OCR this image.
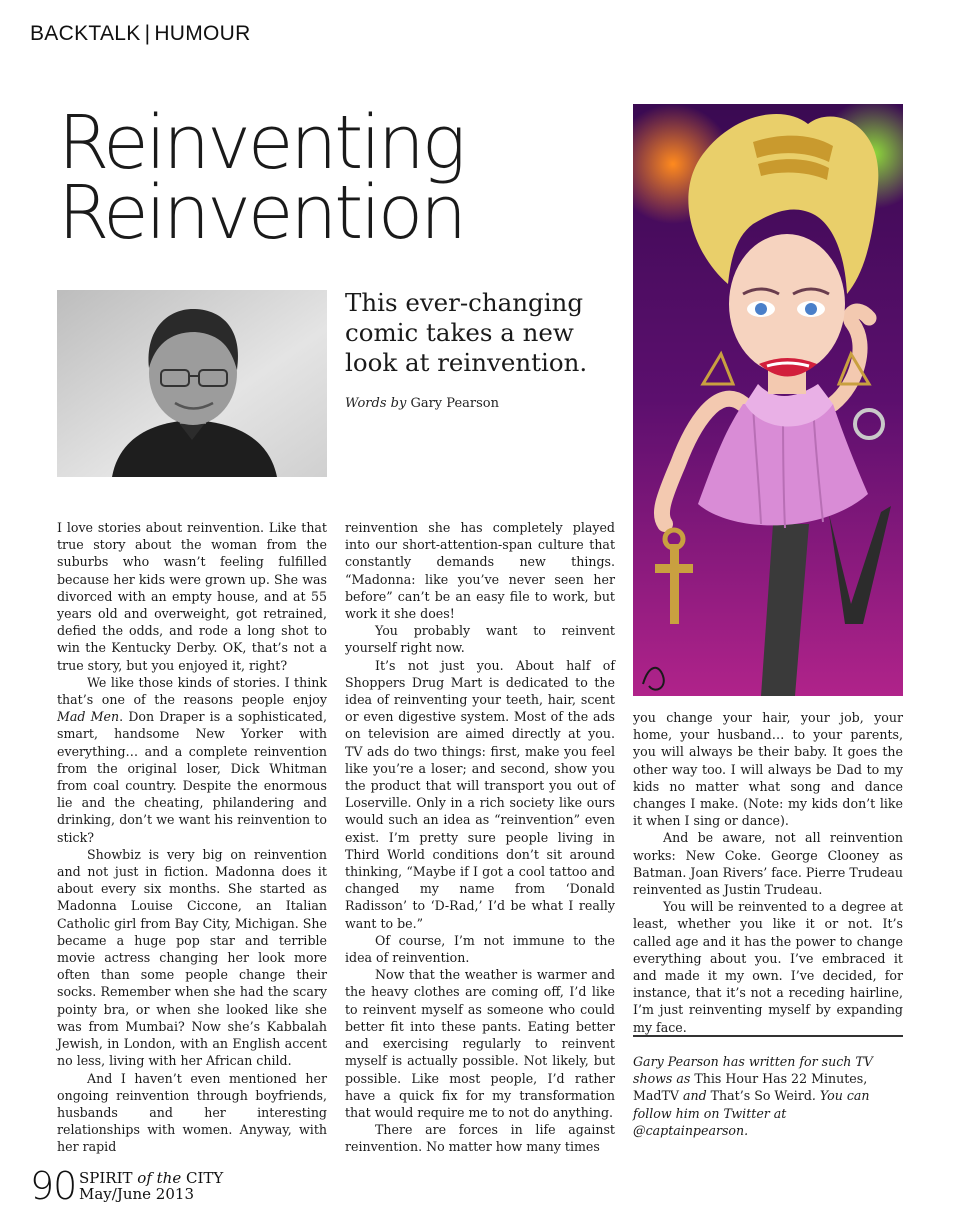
BACKTALK | HUMOUR
Reinventing
Reinvention
This ever-changing
comic takes a new
look at reinvention.
Words by Gary Pearson

I love stories about reinvention. Like that true story about the woman from the suburbs who wasn’t feeling fulfilled because her kids were grown up. She was divorced with an empty house, and at 55 years old and overweight, got retrained, defied the odds, and rode a long shot to win the Kentucky Derby. OK, that’s not a true story, but you enjoyed it, right?

We like those kinds of stories. I think that’s one of the reasons people enjoy Mad Men. Don Draper is a sophisticated, smart, handsome New Yorker with everything… and a complete reinvention from the original loser, Dick Whitman from coal country. Despite the enormous lie and the cheating, philandering and drinking, don’t we want his reinvention to stick?

Showbiz is very big on reinvention and not just in fiction. Madonna does it about every six months. She started as Madonna Louise Ciccone, an Italian Catholic girl from Bay City, Michigan. She became a huge pop star and terrible movie actress changing her look more often than some people change their socks. Remember when she had the scary pointy bra, or when she looked like she was from Mumbai? Now she’s Kabbalah Jewish, in London, with an English accent no less, living with her African child.

And I haven’t even mentioned her ongoing reinvention through boyfriends, husbands and her interesting relationships with women. Anyway, with her rapid

reinvention she has completely played into our short-attention-span culture that constantly demands new things. “Madonna: like you’ve never seen her before” can’t be an easy file to work, but work it she does!

You probably want to reinvent yourself right now.

It’s not just you. About half of Shoppers Drug Mart is dedicated to the idea of reinventing your teeth, hair, scent or even digestive system. Most of the ads on television are aimed directly at you. TV ads do two things: first, make you feel like you’re a loser; and second, show you the product that will transport you out of Loserville. Only in a rich society like ours would such an idea as “reinvention” even exist. I’m pretty sure people living in Third World conditions don’t sit around thinking, “Maybe if I got a cool tattoo and changed my name from ‘Donald Radisson’ to ‘D-Rad,’ I’d be what I really want to be.”

Of course, I’m not immune to the idea of reinvention.

Now that the weather is warmer and the heavy clothes are coming off, I’d like to reinvent myself as someone who could better fit into these pants. Eating better and exercising regularly to reinvent myself is actually possible. Not likely, but possible. Like most people, I’d rather have a quick fix for my transformation that would require me to not do anything.

There are forces in life against reinvention. No matter how many times

you change your hair, your job, your home, your husband… to your parents, you will always be their baby. It goes the other way too. I will always be Dad to my kids no matter what song and dance changes I make. (Note: my kids don’t like it when I sing or dance).

And be aware, not all reinvention works: New Coke. George Clooney as Batman. Joan Rivers’ face. Pierre Trudeau reinvented as Justin Trudeau.

You will be reinvented to a degree at least, whether you like it or not. It’s called age and it has the power to change everything about you. I’ve embraced it and made it my own. I’ve decided, for instance, that it’s not a receding hairline, I’m just reinventing myself by expanding my face.

Gary Pearson has written for such TV shows as This Hour Has 22 Minutes, MadTV and That’s So Weird. You can follow him on Twitter at @captainpearson.
90 SPIRIT of the CITY
May/June 2013
